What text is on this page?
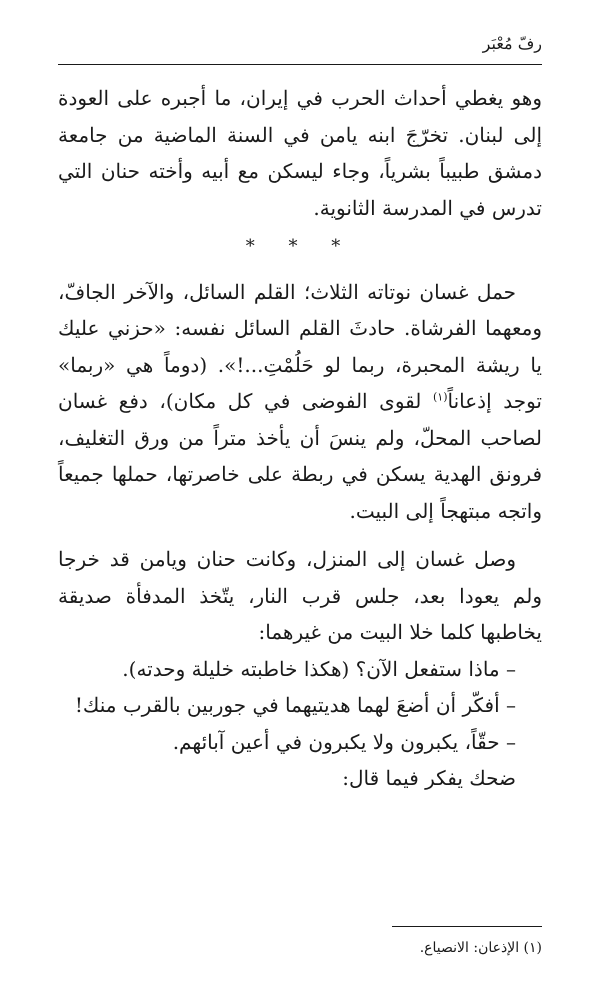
رفّ مُعْبَر

وهو يغطي أحداث الحرب في إيران، ما أجبره على العودة إلى لبنان. تخرّجَ ابنه يامن في السنة الماضية من جامعة دمشق طبيباً بشرياً، وجاء ليسكن مع أبيه وأخته حنان التي تدرس في المدرسة الثانوية.

* * *

حمل غسان نوتاته الثلاث؛ القلم السائل، والآخر الجافّ، ومعهما الفرشاة. حادثَ القلم السائل نفسه: «حزني عليك يا ريشة المحبرة، ربما لو حَلُمْتِ...!». (دوماً هي «ربما» توجد إذعاناً$^{(١)}$ لقوى الفوضى في كل مكان)، دفع غسان لصاحب المحلّ، ولم ينسَ أن يأخذ متراً من ورق التغليف، فرونق الهدية يسكن في ربطة على خاصرتها، حملها جميعاً واتجه مبتهجاً إلى البيت.

وصل غسان إلى المنزل، وكانت حنان ويامن قد خرجا ولم يعودا بعد، جلس قرب النار، يتّخذ المدفأة صديقة يخاطبها كلما خلا البيت من غيرهما:

– ماذا ستفعل الآن؟ (هكذا خاطبته خليلة وحدته).

– أفكّر أن أضعَ لهما هديتيهما في جوربين بالقرب منك!

– حقّاً، يكبرون ولا يكبرون في أعين آبائهم.

ضحك يفكر فيما قال:

(١) الإذعان: الانصياع.
